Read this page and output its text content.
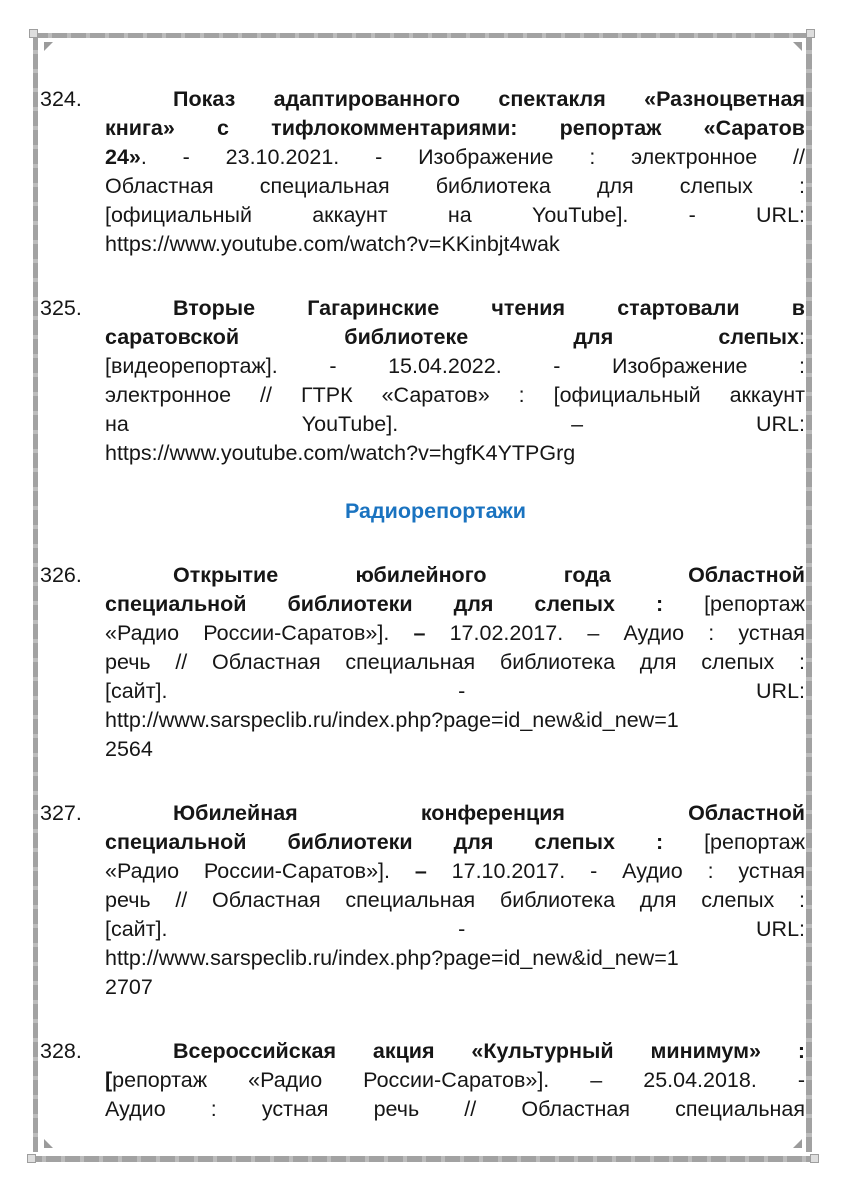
324.	Показ адаптированного спектакля «Разноцветная
книга» с тифлокомментариями: репортаж «Саратов
24». - 23.10.2021. - Изображение : электронное //
Областная специальная библиотека для слепых :
[официальный аккаунт на YouTube]. - URL:
https://www.youtube.com/watch?v=KKinbjt4wak
325.	Вторые Гагаринские чтения стартовали в
саратовской библиотеке для слепых:
[видеорепортаж]. - 15.04.2022. - Изображение :
электронное // ГТРК «Саратов» : [официальный аккаунт
на YouTube]. – URL:
https://www.youtube.com/watch?v=hgfK4YTPGrg
Радиорепортажи
326.	Открытие юбилейного года Областной
специальной библиотеки для слепых : [репортаж
«Радио России-Саратов»]. – 17.02.2017. – Аудио : устная
речь // Областная специальная библиотека для слепых :
[сайт]. - URL:
http://www.sarspeclib.ru/index.php?page=id_new&id_new=1
2564
327.	Юбилейная конференция Областной
специальной библиотеки для слепых : [репортаж
«Радио России-Саратов»]. – 17.10.2017. - Аудио : устная
речь // Областная специальная библиотека для слепых :
[сайт]. - URL:
http://www.sarspeclib.ru/index.php?page=id_new&id_new=1
2707
328.	Всероссийская акция «Культурный минимум» :
[репортаж «Радио России-Саратов»]. – 25.04.2018. -
Аудио : устная речь // Областная специальная
